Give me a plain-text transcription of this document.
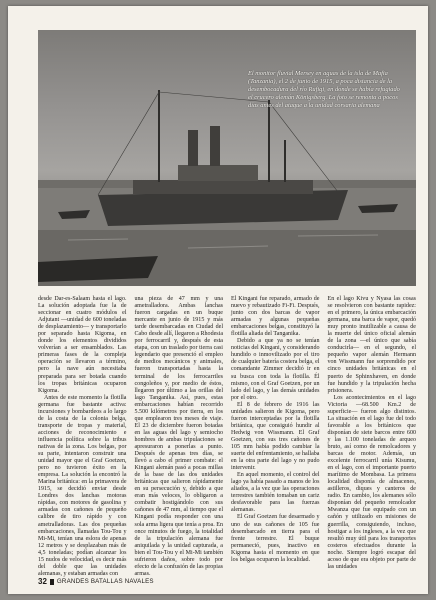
El monitor fluvial Mersey en aguas de la isla de Mafia (Tanzania), el 2 de junio de 1915, a poca distancia de la desembocadura del río Rufigi, en donde se había refugiado el crucero alemán Königsberg. La foto se remonta a pocos días antes del ataque a la unidad corsaria alemana

desde Dar-es-Salaam hasta el lago. La solución adoptada fue la de seccionar en cuatro módulos el Adjutant —unidad de 600 toneladas de desplazamiento— y transportarlo por separado hasta Kigoma, en donde los elementos divididos volverían a ser ensamblados. Las primeras fases de la compleja operación se llevaron a término, pero la nave aún necesitaba preparada para ser botada cuando los tropas británicas ocuparon Kigoma.

Antes de este momento la flotilla germana fue bastante activa: incursiones y bombardeos a lo largo de la costa de la colonia belga, transporte de tropas y material, acciones de reconocimiento e influencia política sobre la tribus nativas de la zona. Los belgas, por su parte, intentaron construir una unidad mayor que el Graf Goetzen, pero no tuvieron éxito en la empresa. La solución la encontró la Marina británica: en la primavera de 1915, se decidió enviar desde Londres dos lanchas motoras rápidas, con motores de gasolina y armadas con cañones de pequeño calibre de tiro rápido y con ametralladoras. Las dos pequeñas embarcaciones, llamadas Tou-Tou y Mi-Mi, tenían una eslora de apenas 12 metros y se desplazaban más de 4,5 toneladas; podían alcanzar los 15 nudos de velocidad, es decir más del doble que las unidades alemanas, y estaban armadas con

una pieza de 47 mm y una ametralladora. Ambas lanchas fueron cargadas en un buque mercante en junio de 1915 y más tarde desembarcadas en Ciudad del Cabo desde allí, llegaron a Rhodesia por ferrocarril y, después de esta etapa, con un traslado por tierra casi legendario que presenció el empleo de medios mecánicos y animales, fueron transportadas hasta la terminal de los ferrocarriles congoleños y, por medio de éstos, llegaron por último a las orillas del lago Tanganika. Así, pues, estas embarcaciones habían recorrido 5.500 kilómetros por tierra, en los que emplearon tres meses de viaje. El 23 de diciembre fueron botadas en las aguas del lago y semiocho hombres de ambas tripulaciones se apresuraron a ponerlas a punto. Después de apenas tres días, se llevó a cabo el primer combate: el Kingani alemán pasó a pocas millas de la base de las dos unidades británicas que salieron rápidamente en su persecución y, debido a que eran más veloces, lo obligaron a combatir hostigándolo con sus cañones de 47 mm, al tiempo que el Kingani podía responder con una sola arma ligera que tenía a proa. En once minutos de fuego, la totalidad de la tripulación alemana fue aniquilada y la unidad capturada, a bien el Tou-Tou y el Mi-Mi también sufrieron daños, sobre todo por efecto de la confusión de las propias armas.

El Kingani fue reparado, armado de nuevo y rebautizado Fi-Fi. Después, junto con dos barcas de vapor armadas y algunas pequeñas embarcaciones belgas, constituyó la flotilla aliada del Tanganika.

Debido a que ya no se tenían noticias del Kingani, y considerando hundido o inmovilizado por el tiro de cualquier batería costera belga, el comandante Zimmer decidió ir en su busca con toda la flotilla. Él mismo, con el Graf Goetzen, por un lado del lago, y las demás unidades por el otro.

El 8 de febrero de 1916 las unidades salieron de Kigoma, pero fueron interceptadas por la flotilla británica, que consiguió hundir al Hedwig von Wissmann. El Graf Goetzen, con sus tres cañones de 105 mm había podido cambiar la suerte del enfrentamiento, se hallaba en la otra parte del lago y no pudo intervenir.

En aquel momento, el control del lago ya había pasado a manos de los aliados, a la vez que las operaciones terrestres también tomaban un cariz desfavorable para las fuerzas alemanas.

El Graf Goetzen fue desarmado y uno de sus cañones de 105 fue desembarcado en tierra para el frente terrestre. El buque permaneció, pues, inactivo en Kigoma hasta el momento en que los belgas ocuparon la localidad.

En el lago Kivu y Nyasa las cosas se resolvieron con bastante rapidez: en el primero, la única embarcación germana, una barca de vapor, quedó muy pronto inutilizable a causa de la muerte del único oficial alemán de la zona —el único que sabía conducirla— en el segundo, el pequeño vapor alemán Hermann von Wissmann fue sorprendido por cinco unidades británicas en el puerto de Sphinxhaven, en donde fue hundido y la tripulación hecha prisionera.

Los acontecimientos en el lago Victoria —68.500 Km.2 de superficie— fueron algo distintos. La situación en el lago fue del todo favorable a los británicos que disponían de siete barcos entre 600 y las 1.100 toneladas de arqueo bruto, así como de remolcadores y barcas de motor. Además, un excelente ferrocarril unía Kisumu, en el lago, con el importante puerto marítimo de Mombasa. La primera localidad disponía de almacenes, astilleros, diques y canteros de radio. En cambio, los alemanes sólo disponían del pequeño remolcador Mwanza que fue equipado con un cañón y utilizado en misiones de guerrilla, consiguiendo, incluso, hostigar a los ingleses, a la vez que resultó muy útil para los transportes costeros efectuados durante la noche. Siempre logró escapar del acoso de que era objeto por parte de las unidades

32 GRANDES BATALLAS NAVALES
